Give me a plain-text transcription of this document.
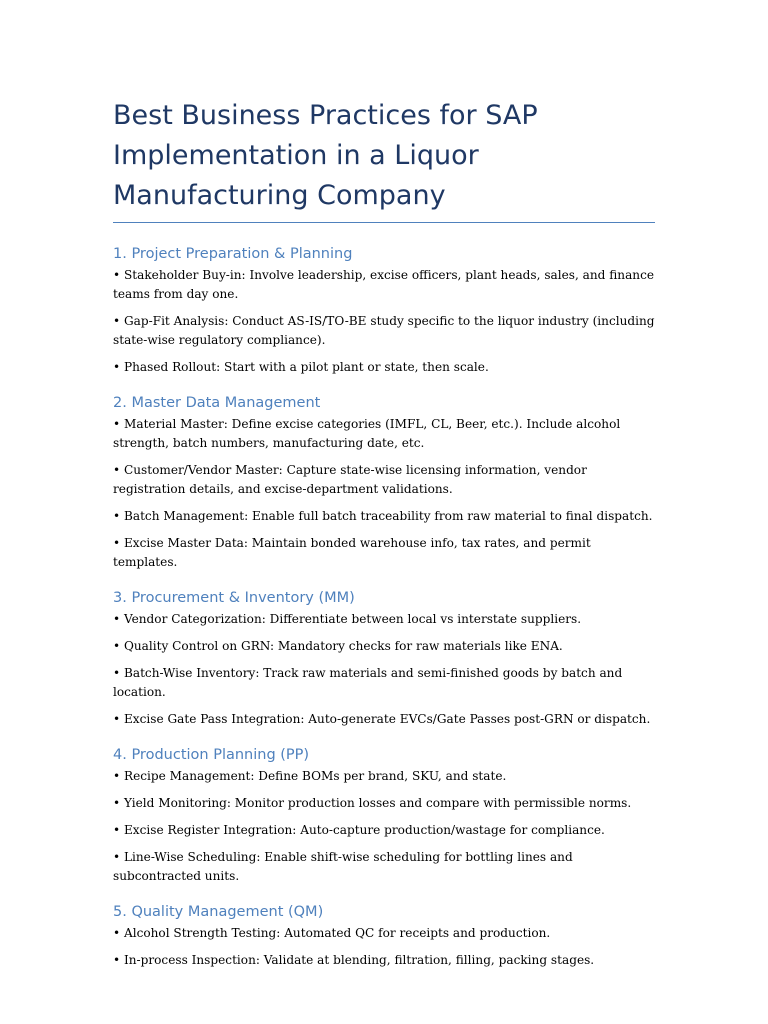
Best Business Practices for SAP Implementation in a Liquor Manufacturing Company
1. Project Preparation & Planning

• Stakeholder Buy-in: Involve leadership, excise officers, plant heads, sales, and finance teams from day one.

• Gap-Fit Analysis: Conduct AS-IS/TO-BE study specific to the liquor industry (including state-wise regulatory compliance).

• Phased Rollout: Start with a pilot plant or state, then scale.

2. Master Data Management

• Material Master: Define excise categories (IMFL, CL, Beer, etc.). Include alcohol strength, batch numbers, manufacturing date, etc.

• Customer/Vendor Master: Capture state-wise licensing information, vendor registration details, and excise-department validations.

• Batch Management: Enable full batch traceability from raw material to final dispatch.

• Excise Master Data: Maintain bonded warehouse info, tax rates, and permit templates.

3. Procurement & Inventory (MM)

• Vendor Categorization: Differentiate between local vs interstate suppliers.

• Quality Control on GRN: Mandatory checks for raw materials like ENA.

• Batch-Wise Inventory: Track raw materials and semi-finished goods by batch and location.

• Excise Gate Pass Integration: Auto-generate EVCs/Gate Passes post-GRN or dispatch.

4. Production Planning (PP)

• Recipe Management: Define BOMs per brand, SKU, and state.

• Yield Monitoring: Monitor production losses and compare with permissible norms.

• Excise Register Integration: Auto-capture production/wastage for compliance.

• Line-Wise Scheduling: Enable shift-wise scheduling for bottling lines and subcontracted units.

5. Quality Management (QM)

• Alcohol Strength Testing: Automated QC for receipts and production.

• In-process Inspection: Validate at blending, filtration, filling, packing stages.
